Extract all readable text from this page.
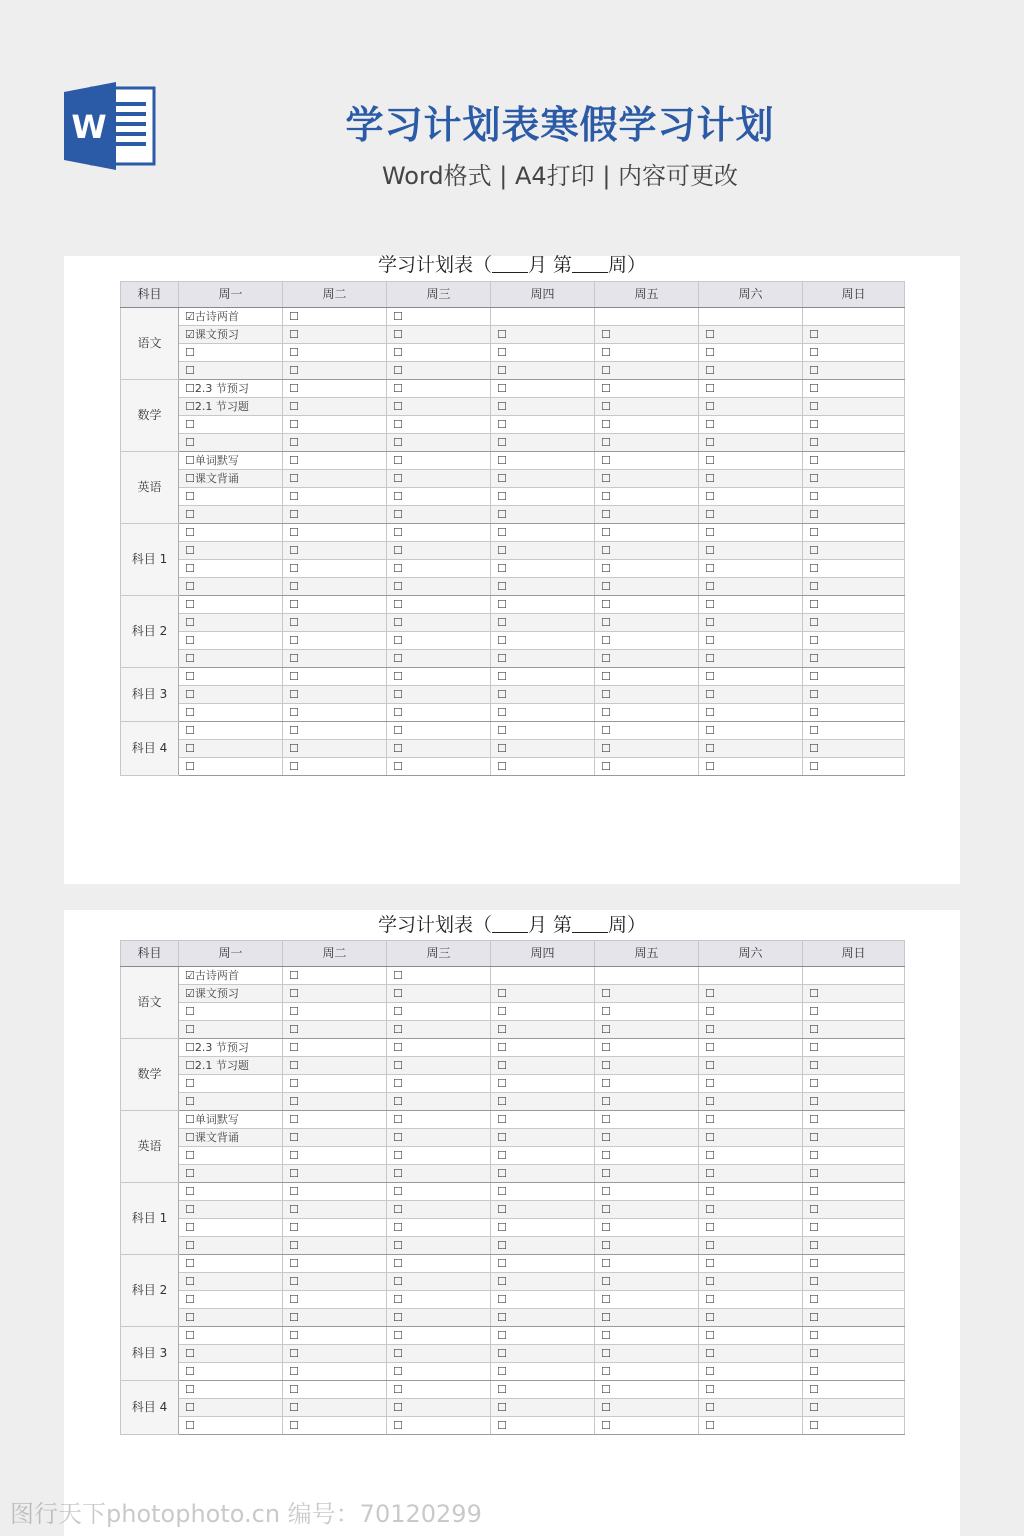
W	学习计划表寒假学习计划
Word格式 | A4打印 | 内容可更改
学习计划表（ 月 第 周）
科目	周一	周二	周三	周四	周五	周六	周日
语文	☑古诗两首	☐	☐				
	☑课文预习	☐	☐	☐	☐	☐	☐
	☐	☐	☐	☐	☐	☐	☐
	☐	☐	☐	☐	☐	☐	☐
数学	☐2.3 节预习	☐	☐	☐	☐	☐	☐
	☐2.1 节习题	☐	☐	☐	☐	☐	☐
	☐	☐	☐	☐	☐	☐	☐
	☐	☐	☐	☐	☐	☐	☐
英语	☐单词默写	☐	☐	☐	☐	☐	☐
	☐课文背诵	☐	☐	☐	☐	☐	☐
	☐	☐	☐	☐	☐	☐	☐
	☐	☐	☐	☐	☐	☐	☐
科目 1	☐	☐	☐	☐	☐	☐	☐
	☐	☐	☐	☐	☐	☐	☐
	☐	☐	☐	☐	☐	☐	☐
	☐	☐	☐	☐	☐	☐	☐
科目 2	☐	☐	☐	☐	☐	☐	☐
	☐	☐	☐	☐	☐	☐	☐
	☐	☐	☐	☐	☐	☐	☐
	☐	☐	☐	☐	☐	☐	☐
科目 3	☐	☐	☐	☐	☐	☐	☐
	☐	☐	☐	☐	☐	☐	☐
	☐	☐	☐	☐	☐	☐	☐
科目 4	☐	☐	☐	☐	☐	☐	☐
	☐	☐	☐	☐	☐	☐	☐
	☐	☐	☐	☐	☐	☐	☐
学习计划表（ 月 第 周）
科目	周一	周二	周三	周四	周五	周六	周日
语文	☑古诗两首	☐	☐				
	☑课文预习	☐	☐	☐	☐	☐	☐
	☐	☐	☐	☐	☐	☐	☐
	☐	☐	☐	☐	☐	☐	☐
数学	☐2.3 节预习	☐	☐	☐	☐	☐	☐
	☐2.1 节习题	☐	☐	☐	☐	☐	☐
	☐	☐	☐	☐	☐	☐	☐
	☐	☐	☐	☐	☐	☐	☐
英语	☐单词默写	☐	☐	☐	☐	☐	☐
	☐课文背诵	☐	☐	☐	☐	☐	☐
	☐	☐	☐	☐	☐	☐	☐
	☐	☐	☐	☐	☐	☐	☐
科目 1	☐	☐	☐	☐	☐	☐	☐
	☐	☐	☐	☐	☐	☐	☐
	☐	☐	☐	☐	☐	☐	☐
	☐	☐	☐	☐	☐	☐	☐
科目 2	☐	☐	☐	☐	☐	☐	☐
	☐	☐	☐	☐	☐	☐	☐
	☐	☐	☐	☐	☐	☐	☐
	☐	☐	☐	☐	☐	☐	☐
科目 3	☐	☐	☐	☐	☐	☐	☐
	☐	☐	☐	☐	☐	☐	☐
	☐	☐	☐	☐	☐	☐	☐
科目 4	☐	☐	☐	☐	☐	☐	☐
	☐	☐	☐	☐	☐	☐	☐
	☐	☐	☐	☐	☐	☐	☐
图行天下photophoto.cn 编号：70120299
